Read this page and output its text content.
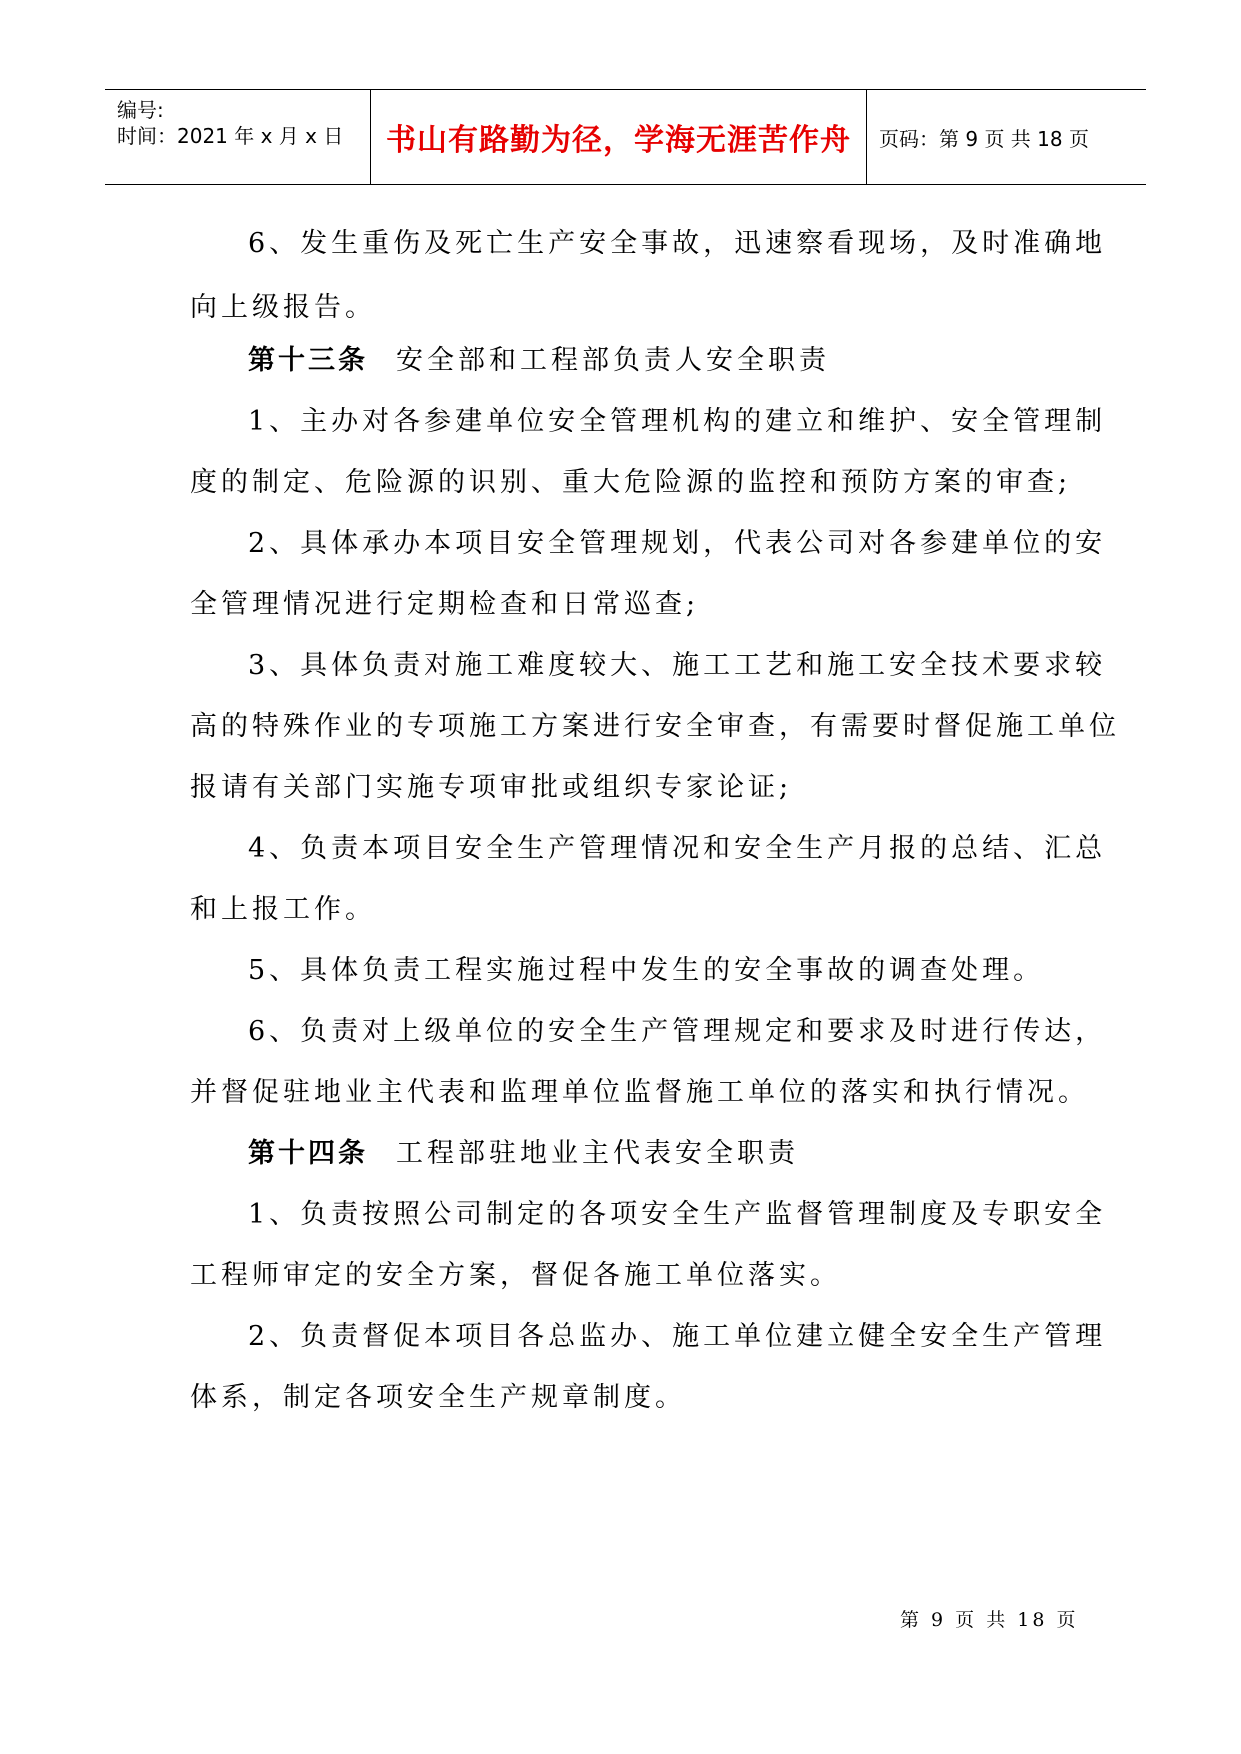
编号:
时间：2021 年 x 月 x 日 书山有路勤为径，学海无涯苦作舟 页码：第 9 页 共 18 页
6、发生重伤及死亡生产安全事故，迅速察看现场，及时准确地
向上级报告。
第十三条 安全部和工程部负责人安全职责
1、主办对各参建单位安全管理机构的建立和维护、安全管理制
度的制定、危险源的识别、重大危险源的监控和预防方案的审查;
2、具体承办本项目安全管理规划，代表公司对各参建单位的安
全管理情况进行定期检查和日常巡查;
3、具体负责对施工难度较大、施工工艺和施工安全技术要求较
高的特殊作业的专项施工方案进行安全审查，有需要时督促施工单位
报请有关部门实施专项审批或组织专家论证;
4、负责本项目安全生产管理情况和安全生产月报的总结、汇总
和上报工作。
5、具体负责工程实施过程中发生的安全事故的调查处理。
6、负责对上级单位的安全生产管理规定和要求及时进行传达，
并督促驻地业主代表和监理单位监督施工单位的落实和执行情况。
第十四条 工程部驻地业主代表安全职责
1、负责按照公司制定的各项安全生产监督管理制度及专职安全
工程师审定的安全方案，督促各施工单位落实。
2、负责督促本项目各总监办、施工单位建立健全安全生产管理
体系，制定各项安全生产规章制度。
第 9 页 共 18 页
